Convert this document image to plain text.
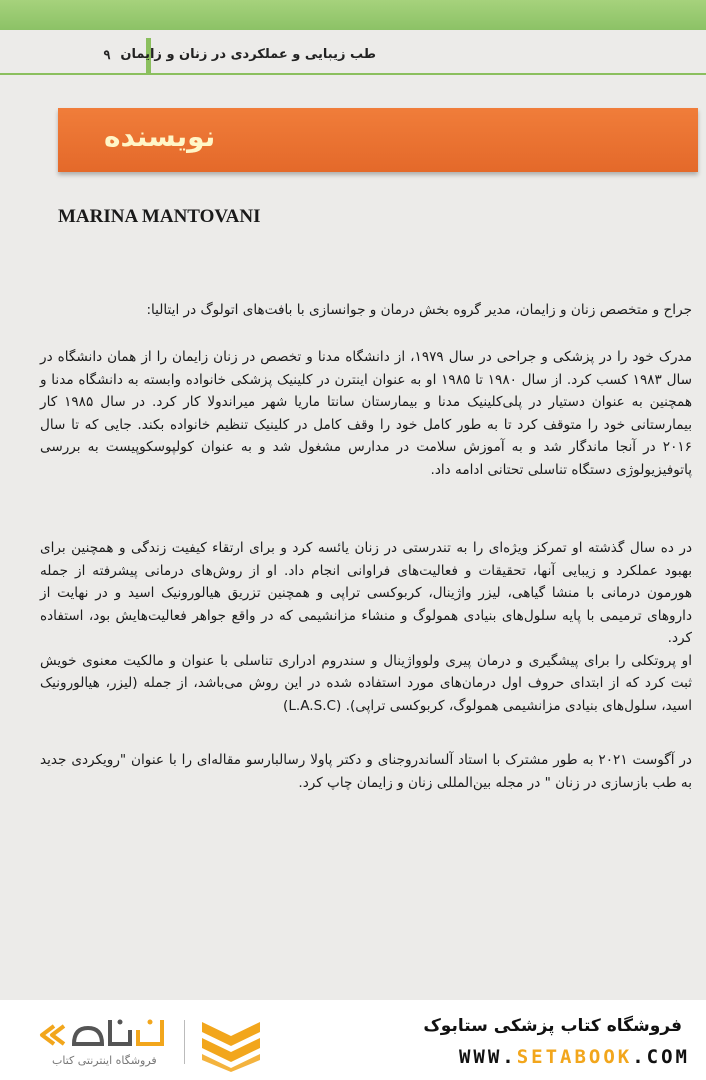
۹ طب زیبایی و عملکردی در زنان و زایمان
نویسنده
MARINA MANTOVANI

جراح و متخصص زنان و زایمان، مدیر گروه بخش درمان و جوانسازی با بافت‌های اتولوگ در ایتالیا:

مدرک خود را در پزشکی و جراحی در سال ۱۹۷۹، از دانشگاه مدنا و تخصص در زنان زایمان را از همان دانشگاه در سال ۱۹۸۳ کسب کرد. از سال ۱۹۸۰ تا ۱۹۸۵ او به عنوان اینترن در کلینیک پزشکی خانواده وابسته به دانشگاه مدنا و همچنین به عنوان دستیار در پلی‌کلینیک مدنا و بیمارستان سانتا ماریا شهر میراندولا کار کرد. در سال ۱۹۸۵ کار بیمارستانی خود را متوقف کرد تا به طور کامل خود را وقف کامل در کلینیک تنظیم خانواده بکند. جایی که تا سال ۲۰۱۶ در آنجا ماندگار شد و به آموزش سلامت در مدارس مشغول شد و به عنوان کولپوسکوپیست به بررسی پاتوفیزیولوژی دستگاه تناسلی تحتانی ادامه داد.

در ده سال گذشته او تمرکز ویژه‌ای را به تندرستی در زنان یائسه کرد و برای ارتقاء کیفیت زندگی و همچنین برای بهبود عملکرد و زیبایی آنها، تحقیقات و فعالیت‌های فراوانی انجام داد. او از روش‌های درمانی پیشرفته از جمله هورمون درمانی با منشا گیاهی، لیزر واژینال، کربوکسی تراپی و همچنین تزریق هیالورونیک اسید و در نهایت از داروهای ترمیمی با پایه سلول‌های بنیادی همولوگ و منشاء مزانشیمی که در واقع جواهر فعالیت‌هایش بود، استفاده کرد.

او پروتکلی را برای پیشگیری و درمان پیری ولوواژینال و سندروم ادراری تناسلی با عنوان و مالکیت معنوی خویش ثبت کرد که از ابتدای حروف اول درمان‌های مورد استفاده شده در این روش می‌باشد، از جمله (لیزر، هیالورونیک اسید، سلول‌های بنیادی مزانشیمی همولوگ، کربوکسی تراپی). (L.A.S.C)

در آگوست ۲۰۲۱ به طور مشترک با استاد آلساندروجنای و دکتر پاولا رسالبارسو مقاله‌ای را با عنوان "رویکردی جدید به طب بازسازی در زنان " در مجله بین‌المللی زنان و زایمان چاپ کرد.

فروشگاه اینترنتی کتاب
فروشگاه کتاب پزشکی ستابوک
WWW.SETABOOK.COM
